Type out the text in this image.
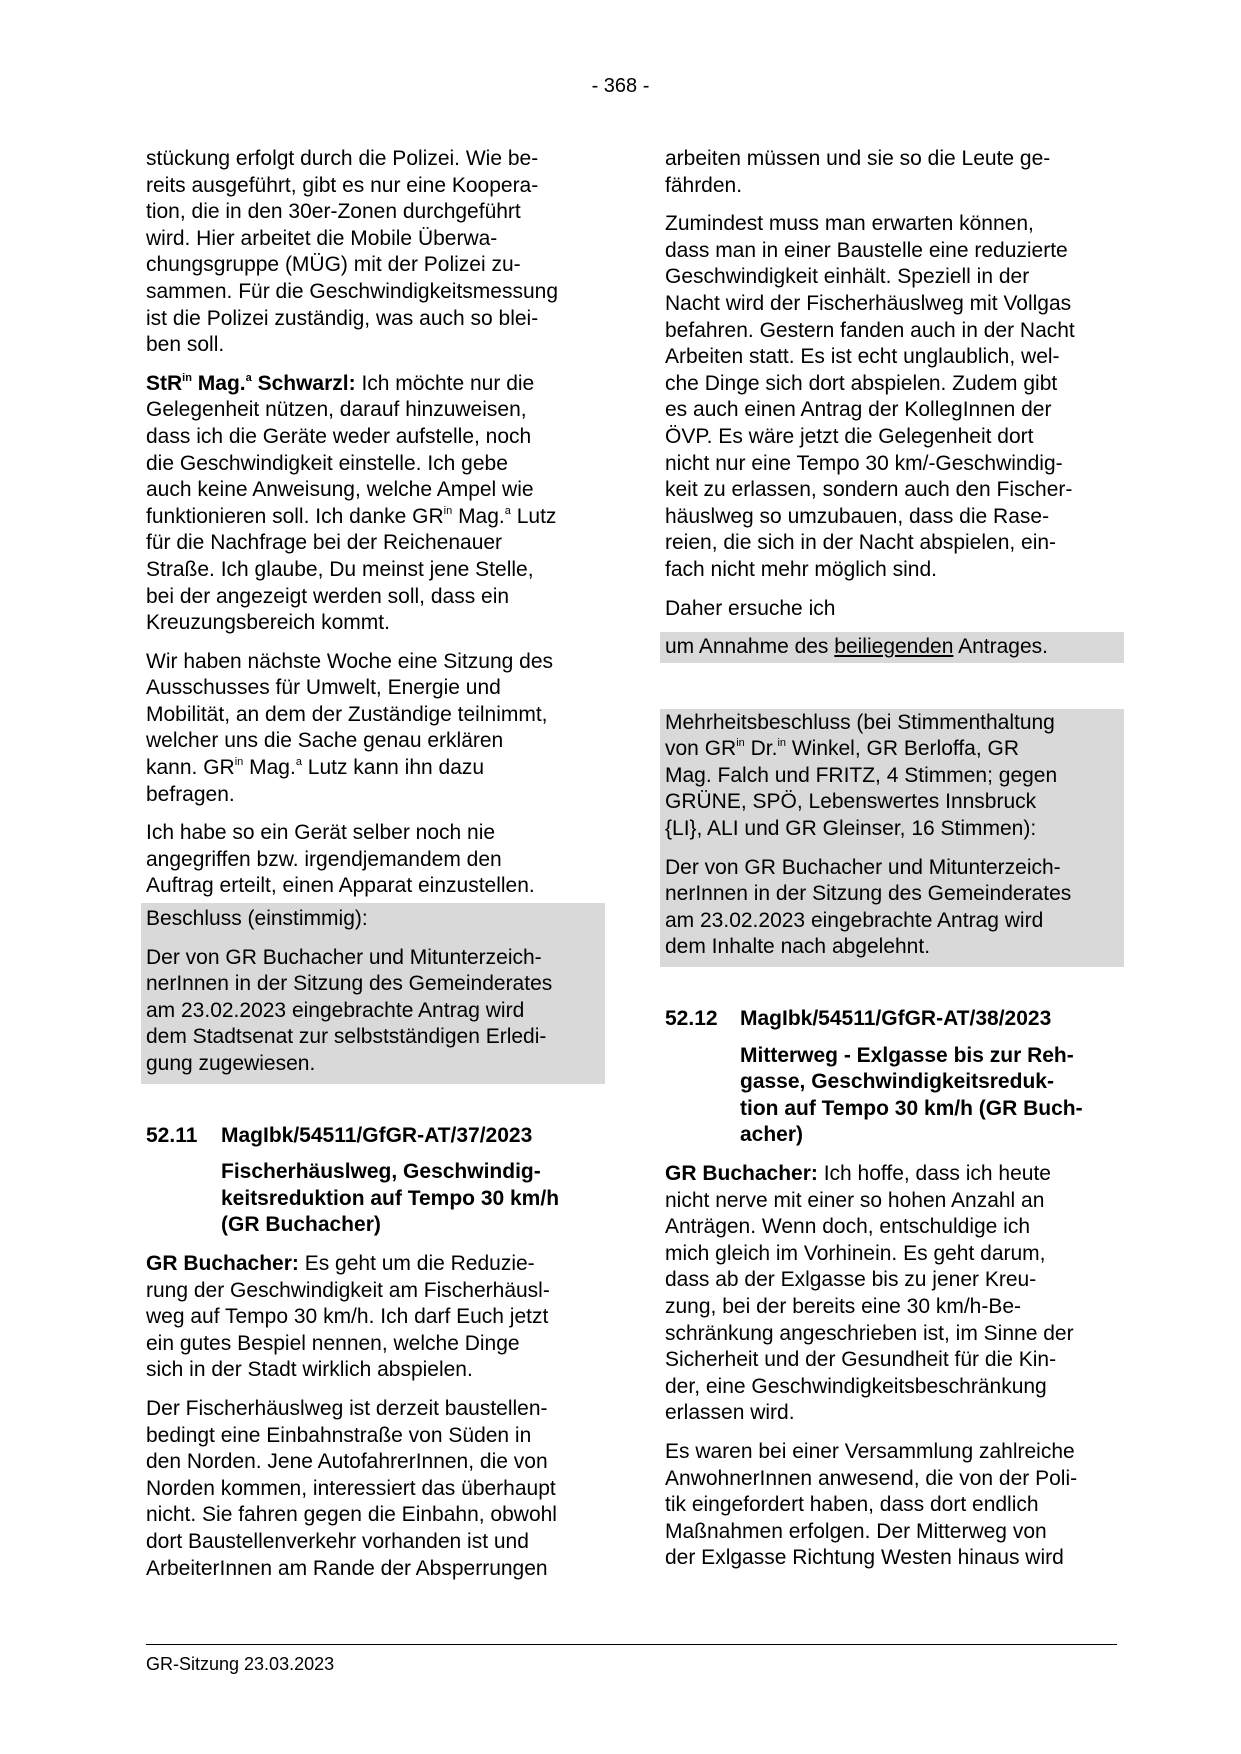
- 368 -
stückung erfolgt durch die Polizei. Wie be-
reits ausgeführt, gibt es nur eine Koopera-
tion, die in den 30er-Zonen durchgeführt
wird. Hier arbeitet die Mobile Überwa-
chungsgruppe (MÜG) mit der Polizei zu-
sammen. Für die Geschwindigkeitsmessung
ist die Polizei zuständig, was auch so blei-
ben soll.
StR$^{in}$ Mag.$^a$ Schwarzl: Ich möchte nur die
Gelegenheit nützen, darauf hinzuweisen,
dass ich die Geräte weder aufstelle, noch
die Geschwindigkeit einstelle. Ich gebe
auch keine Anweisung, welche Ampel wie
funktionieren soll. Ich danke $GR^{in}$ Mag.$^a$ Lutz
für die Nachfrage bei der Reichenauer
Straße. Ich glaube, Du meinst jene Stelle,
bei der angezeigt werden soll, dass ein
Kreuzungsbereich kommt.
Wir haben nächste Woche eine Sitzung des
Ausschusses für Umwelt, Energie und
Mobilität, an dem der Zuständige teilnimmt,
welcher uns die Sache genau erklären
kann. $GR^{in}$ Mag.$^a$ Lutz kann ihn dazu
befragen.
Ich habe so ein Gerät selber noch nie
angegriffen bzw. irgendjemandem den
Auftrag erteilt, einen Apparat einzustellen.
Beschluss (einstimmig):
Der von GR Buchacher und Mitunterzeich-
nerInnen in der Sitzung des Gemeinderates
am 23.02.2023 eingebrachte Antrag wird
dem Stadtsenat zur selbstständigen Erledi-
gung zugewiesen.
52.11	MagIbk/54511/GfGR-AT/37/2023
Fischerhäuslweg, Geschwindig-
keitsreduktion auf Tempo 30 km/h
(GR Buchacher)
GR Buchacher: Es geht um die Reduzie-
rung der Geschwindigkeit am Fischerhäusl-
weg auf Tempo 30 km/h. Ich darf Euch jetzt
ein gutes Bespiel nennen, welche Dinge
sich in der Stadt wirklich abspielen.
Der Fischerhäuslweg ist derzeit baustellen-
bedingt eine Einbahnstraße von Süden in
den Norden. Jene AutofahrerInnen, die von
Norden kommen, interessiert das überhaupt
nicht. Sie fahren gegen die Einbahn, obwohl
dort Baustellenverkehr vorhanden ist und
ArbeiterInnen am Rande der Absperrungen
arbeiten müssen und sie so die Leute ge-
fährden.
Zumindest muss man erwarten können,
dass man in einer Baustelle eine reduzierte
Geschwindigkeit einhält. Speziell in der
Nacht wird der Fischerhäuslweg mit Vollgas
befahren. Gestern fanden auch in der Nacht
Arbeiten statt. Es ist echt unglaublich, wel-
che Dinge sich dort abspielen. Zudem gibt
es auch einen Antrag der KollegInnen der
ÖVP. Es wäre jetzt die Gelegenheit dort
nicht nur eine Tempo 30 km/-Geschwindig-
keit zu erlassen, sondern auch den Fischer-
häuslweg so umzubauen, dass die Rase-
reien, die sich in der Nacht abspielen, ein-
fach nicht mehr möglich sind.
Daher ersuche ich
um Annahme des beiliegenden Antrages.
Mehrheitsbeschluss (bei Stimmenthaltung
von $GR^{in}$ Dr.$^{in}$ Winkel, GR Berloffa, GR
Mag. Falch und FRITZ, 4 Stimmen; gegen
GRÜNE, SPÖ, Lebenswertes Innsbruck
{LI}, ALI und GR Gleinser, 16 Stimmen):
Der von GR Buchacher und Mitunterzeich-
nerInnen in der Sitzung des Gemeinderates
am 23.02.2023 eingebrachte Antrag wird
dem Inhalte nach abgelehnt.
52.12	MagIbk/54511/GfGR-AT/38/2023
Mitterweg - Exlgasse bis zur Reh-
gasse, Geschwindigkeitsreduk-
tion auf Tempo 30 km/h (GR Buch-
acher)
GR Buchacher: Ich hoffe, dass ich heute
nicht nerve mit einer so hohen Anzahl an
Anträgen. Wenn doch, entschuldige ich
mich gleich im Vorhinein. Es geht darum,
dass ab der Exlgasse bis zu jener Kreu-
zung, bei der bereits eine 30 km/h-Be-
schränkung angeschrieben ist, im Sinne der
Sicherheit und der Gesundheit für die Kin-
der, eine Geschwindigkeitsbeschränkung
erlassen wird.
Es waren bei einer Versammlung zahlreiche
AnwohnerInnen anwesend, die von der Poli-
tik eingefordert haben, dass dort endlich
Maßnahmen erfolgen. Der Mitterweg von
der Exlgasse Richtung Westen hinaus wird
GR-Sitzung 23.03.2023
